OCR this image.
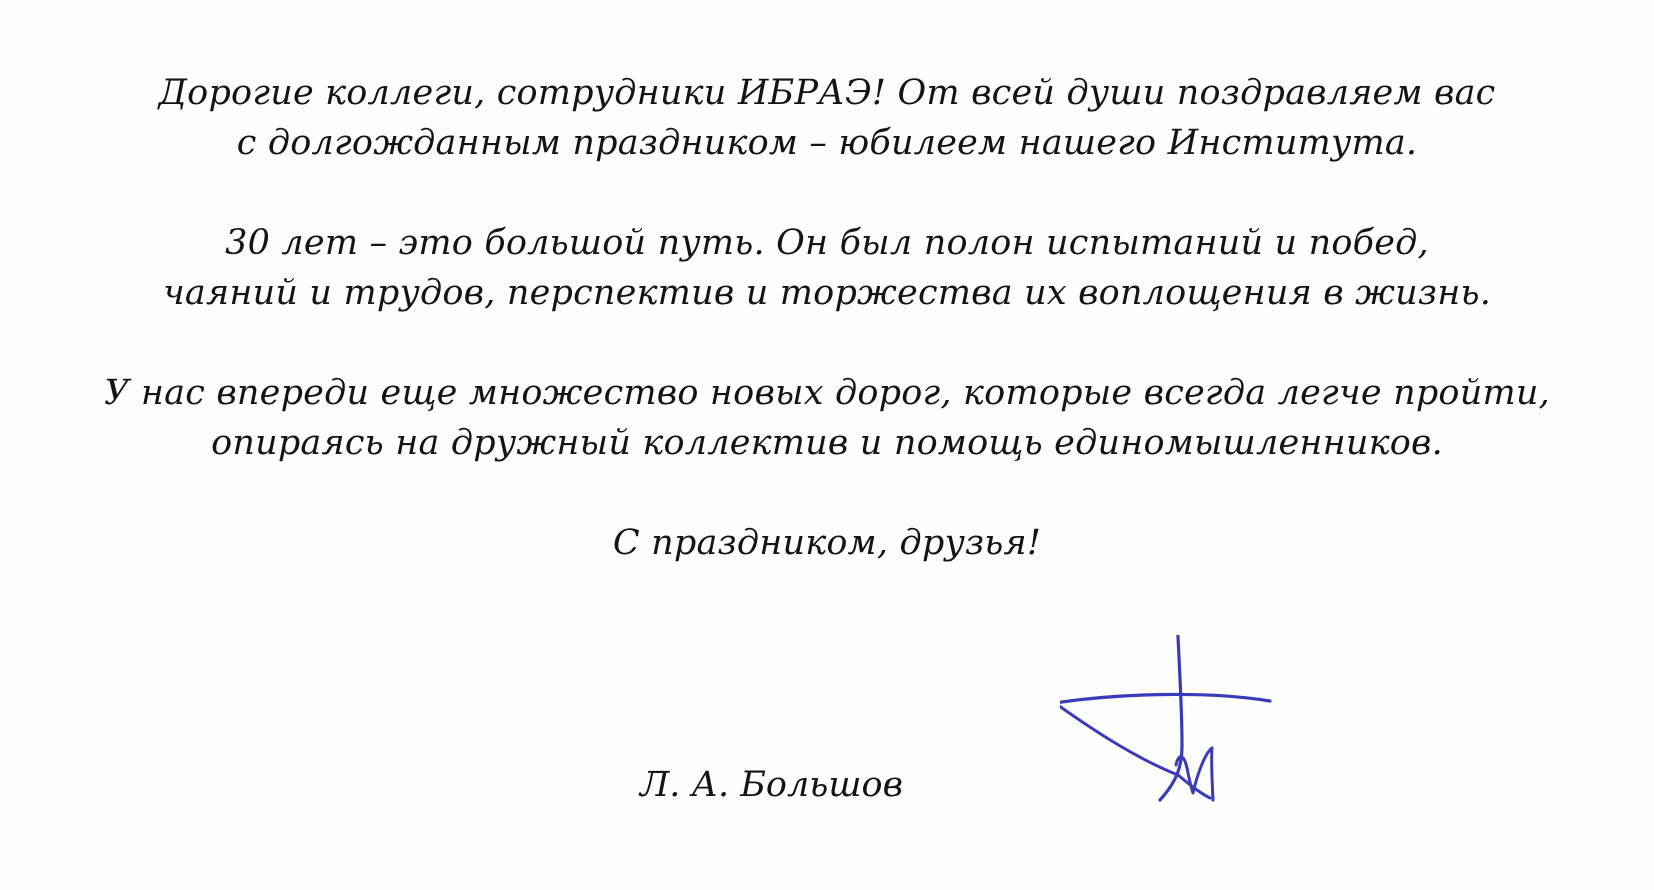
Дорогие коллеги, сотрудники ИБРАЭ! От всей души поздравляем вас
с долгожданным праздником – юбилеем нашего Института.
30 лет – это большой путь. Он был полон испытаний и побед,
чаяний и трудов, перспектив и торжества их воплощения в жизнь.
У нас впереди еще множество новых дорог, которые всегда легче пройти,
опираясь на дружный коллектив и помощь единомышленников.
С праздником, друзья!
Л. А. Большов
